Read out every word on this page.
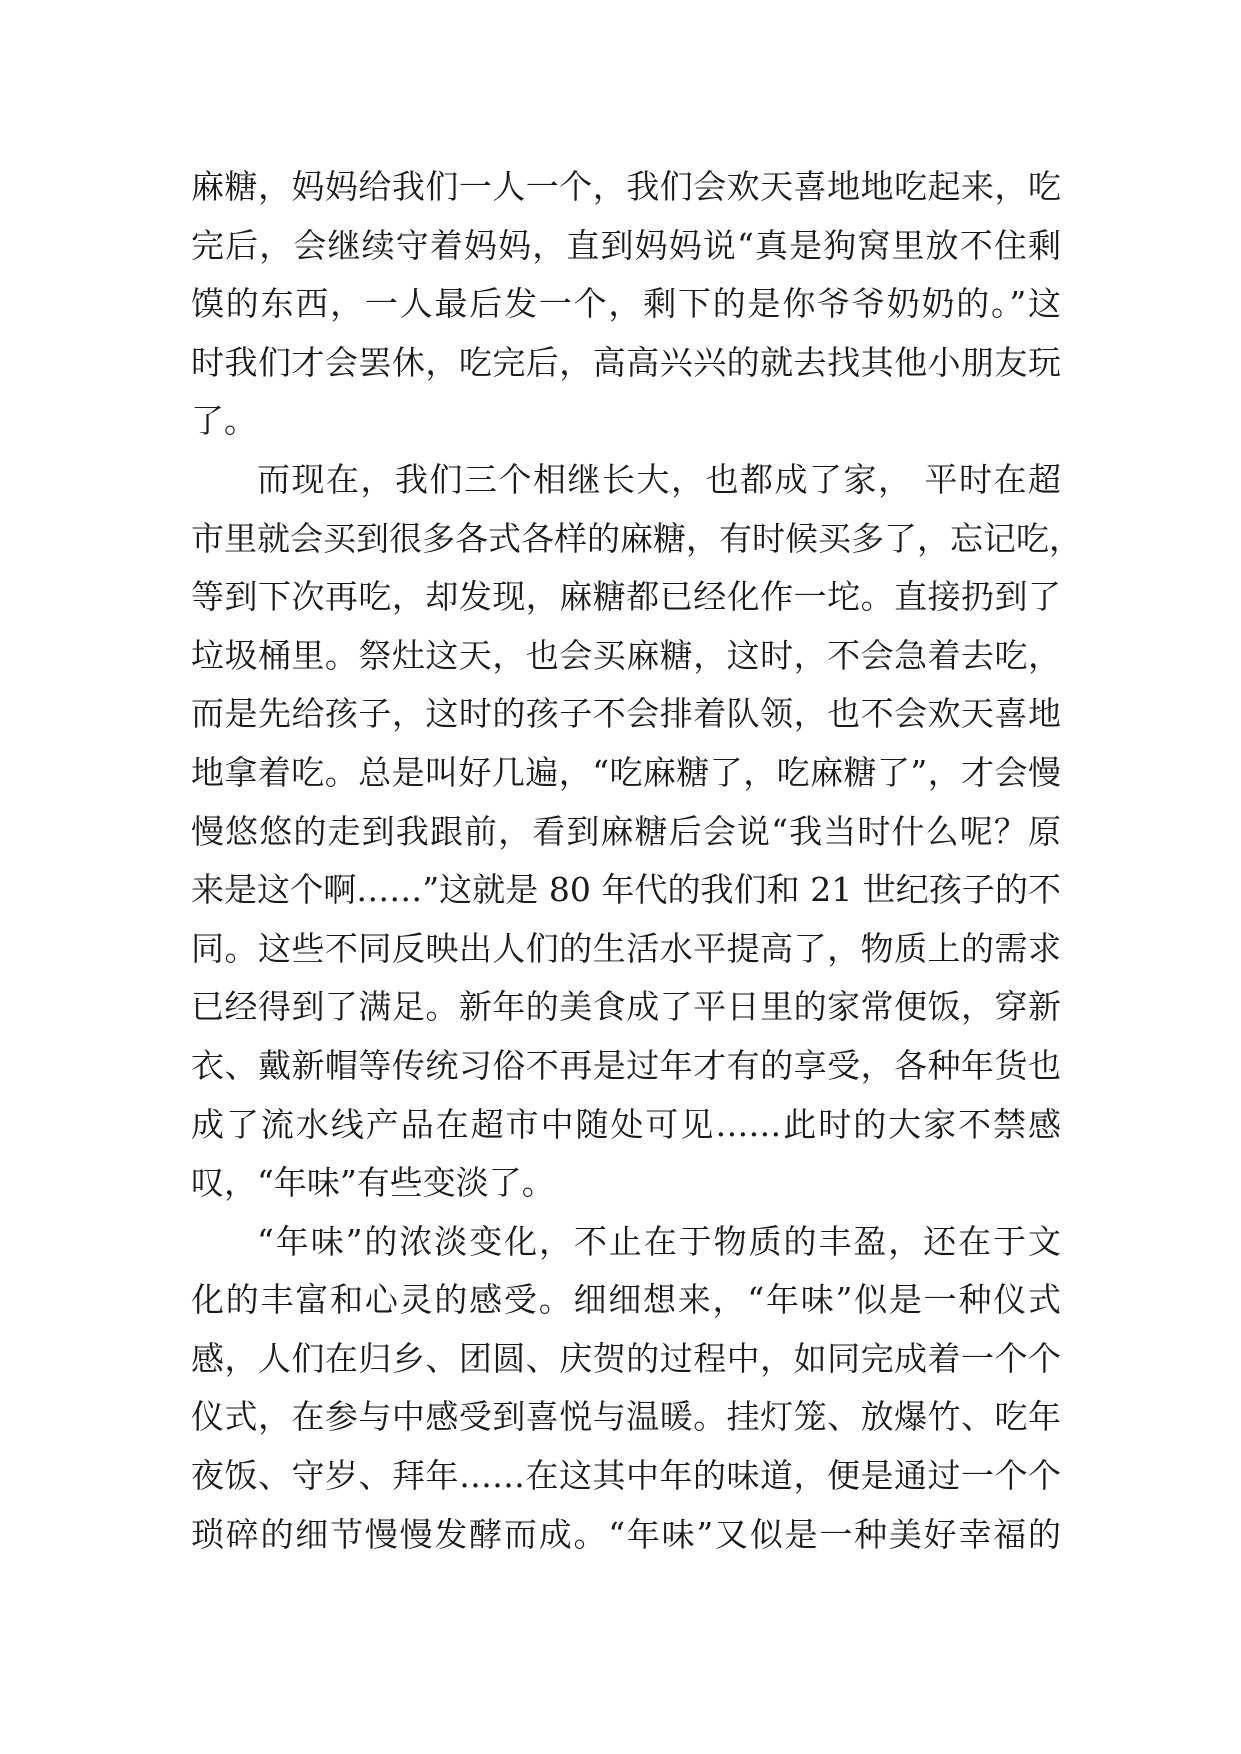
麻糖，妈妈给我们一人一个，我们会欢天喜地地吃起来，吃
完后，会继续守着妈妈，直到妈妈说“真是狗窝里放不住剩
馍的东西，一人最后发一个，剩下的是你爷爷奶奶的。”这
时我们才会罢休，吃完后，高高兴兴的就去找其他小朋友玩
了。
而现在，我们三个相继长大，也都成了家， 平时在超
市里就会买到很多各式各样的麻糖，有时候买多了，忘记吃，
等到下次再吃，却发现，麻糖都已经化作一坨。直接扔到了
垃圾桶里。祭灶这天，也会买麻糖，这时，不会急着去吃，
而是先给孩子，这时的孩子不会排着队领，也不会欢天喜地
地拿着吃。总是叫好几遍，“吃麻糖了，吃麻糖了”，才会慢
慢悠悠的走到我跟前，看到麻糖后会说“我当时什么呢？原
来是这个啊……”这就是 80 年代的我们和 21 世纪孩子的不
同。这些不同反映出人们的生活水平提高了，物质上的需求
已经得到了满足。新年的美食成了平日里的家常便饭，穿新
衣、戴新帽等传统习俗不再是过年才有的享受，各种年货也
成了流水线产品在超市中随处可见……此时的大家不禁感
叹，“年味”有些变淡了。
“年味”的浓淡变化，不止在于物质的丰盈，还在于文
化的丰富和心灵的感受。细细想来，“年味”似是一种仪式
感，人们在归乡、团圆、庆贺的过程中，如同完成着一个个
仪式，在参与中感受到喜悦与温暖。挂灯笼、放爆竹、吃年
夜饭、守岁、拜年……在这其中年的味道，便是通过一个个
琐碎的细节慢慢发酵而成。“年味”又似是一种美好幸福的
